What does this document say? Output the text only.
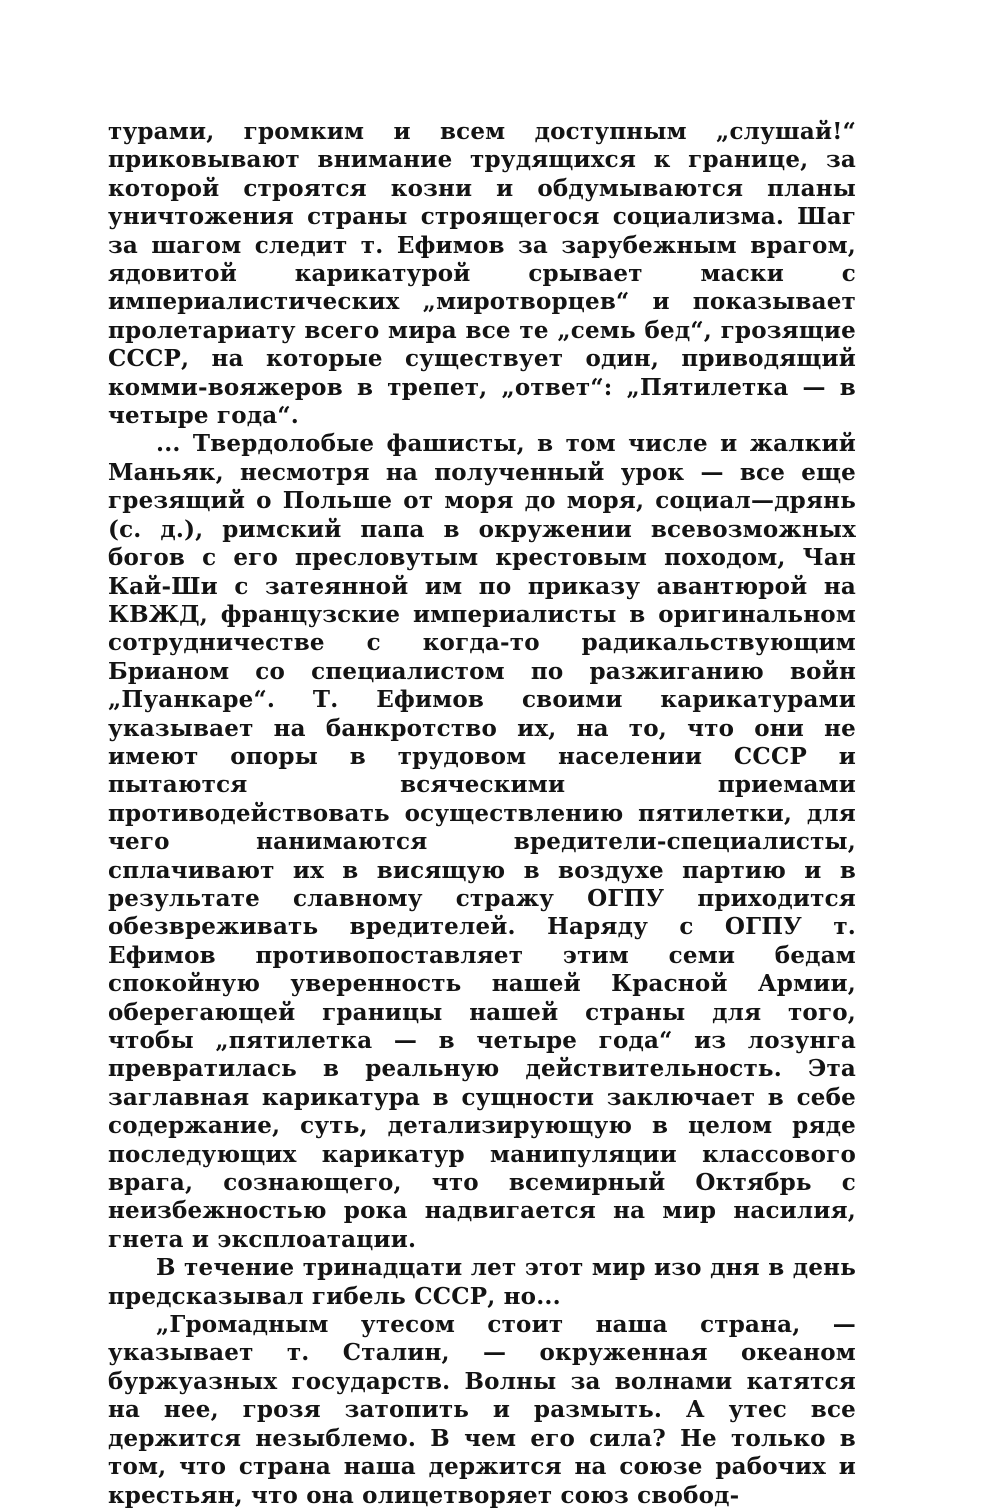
турами, громким и всем доступным „слушай!“ приковывают внимание трудящихся к границе, за которой строятся козни и обдумываются планы уничтожения страны строящегося социализма. Шаг за шагом следит т. Ефимов за зарубежным врагом, ядовитой карикатурой срывает маски с империалистических „миротворцев“ и показывает пролетариату всего мира все те „семь бед“, грозящие СССР, на которые существует один, приводящий комми-вояжеров в трепет, „ответ“: „Пятилетка — в четыре года“.

... Твердолобые фашисты, в том числе и жалкий Маньяк, несмотря на полученный урок — все еще грезящий о Польше от моря до моря, социал—дрянь (с. д.), римский папа в окружении всевозможных богов с его пресловутым крестовым походом, Чан Кай-Ши с затеянной им по приказу авантюрой на КВЖД, французские империалисты в оригинальном сотрудничестве с когда-то радикальствующим Брианом со специалистом по разжиганию войн „Пуанкаре“. Т. Ефимов своими карикатурами указывает на банкротство их, на то, что они не имеют опоры в трудовом населении СССР и пытаются всяческими приемами противодействовать осуществлению пятилетки, для чего нанимаются вредители-специалисты, сплачивают их в висящую в воздухе партию и в результате славному стражу ОГПУ приходится обезвреживать вредителей. Наряду с ОГПУ т. Ефимов противопоставляет этим семи бедам спокойную уверенность нашей Красной Армии, оберегающей границы нашей страны для того, чтобы „пятилетка — в четыре года“ из лозунга превратилась в реальную действительность. Эта заглавная карикатура в сущности заключает в себе содержание, суть, детализирующую в целом ряде последующих карикатур манипуляции классового врага, сознающего, что всемирный Октябрь с неизбежностью рока надвигается на мир насилия, гнета и эксплоатации.

В течение тринадцати лет этот мир изо дня в день предсказывал гибель СССР, но...

„Громадным утесом стоит наша страна, — указывает т. Сталин, — окруженная океаном буржуазных государств. Волны за волнами катятся на нее, грозя затопить и размыть. А утес все держится незыблемо. В чем его сила? Не только в том, что страна наша держится на союзе рабочих и крестьян, что она олицетворяет союз свобод-
